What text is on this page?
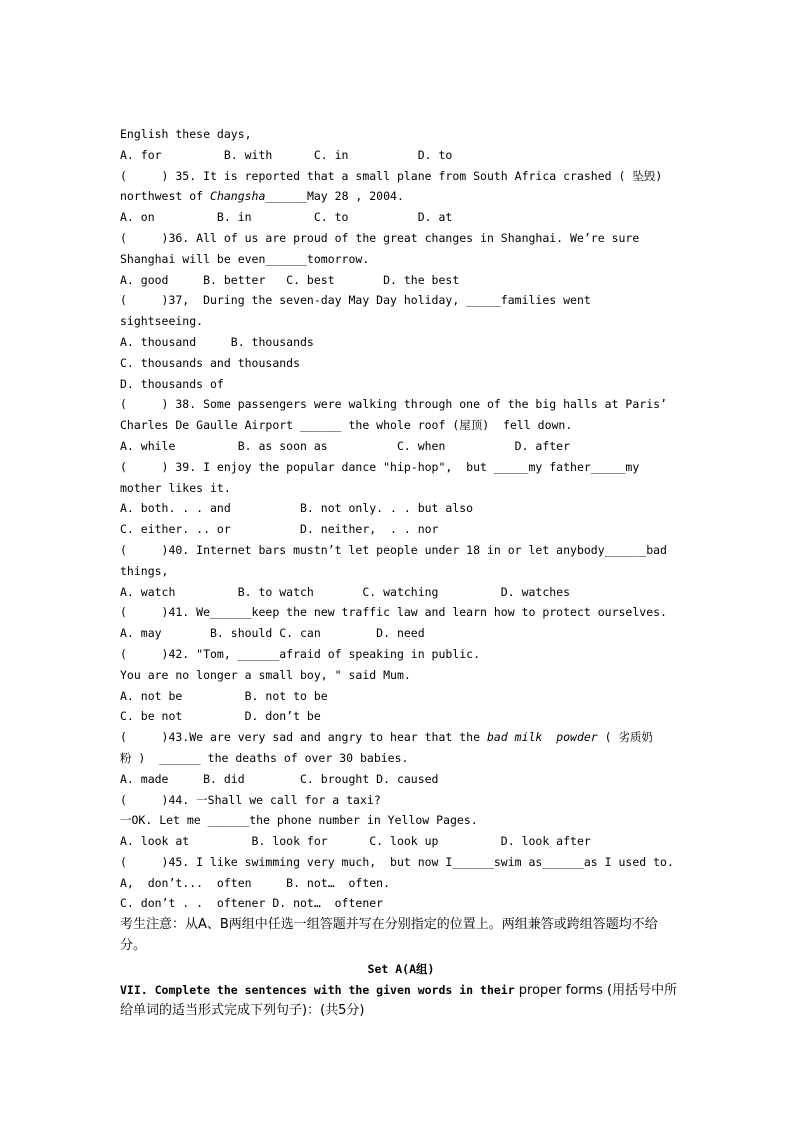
English these days,
A. for         B. with      C. in          D. to
(     ) 35. It is reported that a small plane from South Africa crashed ( 坠毁)
northwest of Changsha______May 28 , 2004.
A. on         B. in         C. to          D. at
(     )36. All of us are proud of the great changes in Shanghai. We’re sure
Shanghai will be even______tomorrow.
A. good     B. better   C. best       D. the best
(     )37,  During the seven-day May Day holiday, _____families went
sightseeing.
A. thousand     B. thousands
C. thousands and thousands
D. thousands of
(     ) 38. Some passengers were walking through one of the big halls at Paris’
Charles De Gaulle Airport ______ the whole roof (屋顶)  fell down.
A. while         B. as soon as          C. when          D. after
(     ) 39. I enjoy the popular dance "hip-hop",  but _____my father_____my
mother likes it.
A. both. . . and          B. not only. . . but also
C. either. .. or          D. neither,  . . nor
(     )40. Internet bars mustn’t let people under 18 in or let anybody______bad
things,
A. watch         B. to watch       C. watching         D. watches
(     )41. We______keep the new traffic law and learn how to protect ourselves.
A. may       B. should C. can        D. need
(     )42. "Tom, ______afraid of speaking in public.
You are no longer a small boy, " said Mum.
A. not be         B. not to be
C. be not         D. don’t be
(     )43.We are very sad and angry to hear that the bad milk  powder ( 劣质奶
粉 )  ______ the deaths of over 30 babies.
A. made     B. did        C. brought D. caused
(     )44. 一Shall we call for a taxi?
一OK. Let me ______the phone number in Yellow Pages.
A. look at         B. look for      C. look up         D. look after
(     )45. I like swimming very much,  but now I______swim as______as I used to.
A,  don’t...  often     B. not…  often.
C. don’t . .  oftener D. not…  oftener
考生注意：从A、B两组中任选一组答题并写在分别指定的位置上。两组兼答或跨组答题均不给分。
Set A(A组)
VII. Complete the sentences with the given words in their proper forms (用括号中所给单词的适当形式完成下列句子)：(共5分)
